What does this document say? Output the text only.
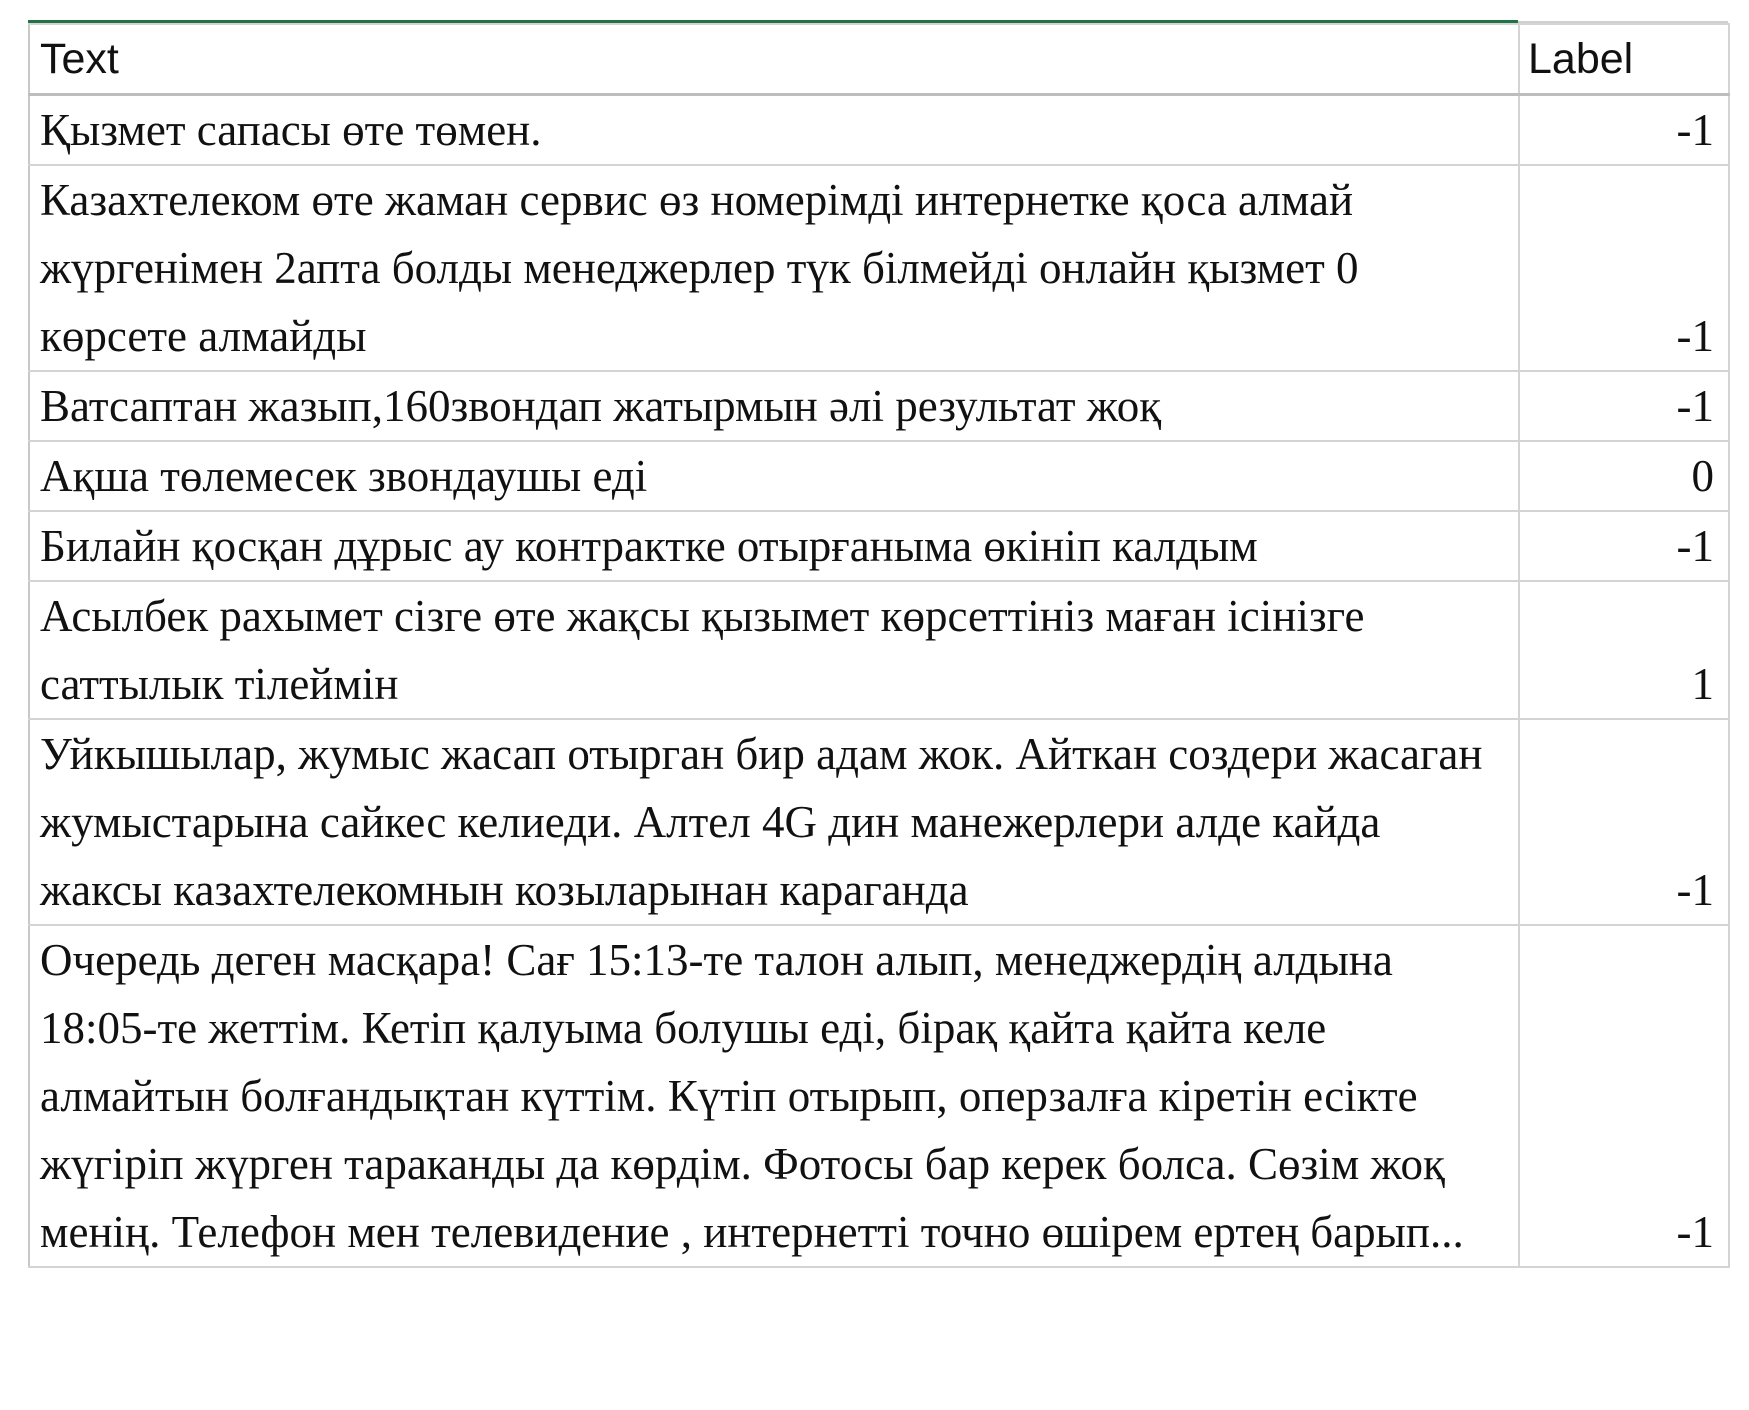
Text	Label
Қызмет сапасы өте төмен.	-1
Казахтелеком өте жаман сервис өз номерімді интернетке қоса алмай жүргенімен 2апта болды менеджерлер түк білмейді онлайн қызмет 0 көрсете алмайды	-1
Ватсаптан жазып,160звондап жатырмын әлі результат жоқ	-1
Ақша төлемесек звондаушы еді	0
Билайн қосқан дұрыс ау контрактке отырғаныма өкініп калдым	-1
Асылбек рахымет сізге өте жақсы қызымет көрсеттініз маған ісінізге саттылык тілеймін	1
Уйкышылар, жумыс жасап отырган бир адам жок. Айткан создери жасаган жумыстарына сайкес келиеди. Алтел 4G дин манежерлери алде кайда жаксы казахтелекомнын козыларынан караганда	-1
Очередь деген масқара! Сағ 15:13-те талон алып, менеджердің алдына 18:05-те жеттім. Кетіп қалуыма болушы еді, бірақ қайта қайта келе алмайтын болғандықтан күттім. Күтіп отырып, оперзалға кіретін есікте жүгіріп жүрген тараканды да көрдім. Фотосы бар керек болса. Сөзім жоқ менің. Телефон мен телевидение , интернетті точно өшірем ертең барып...	-1
